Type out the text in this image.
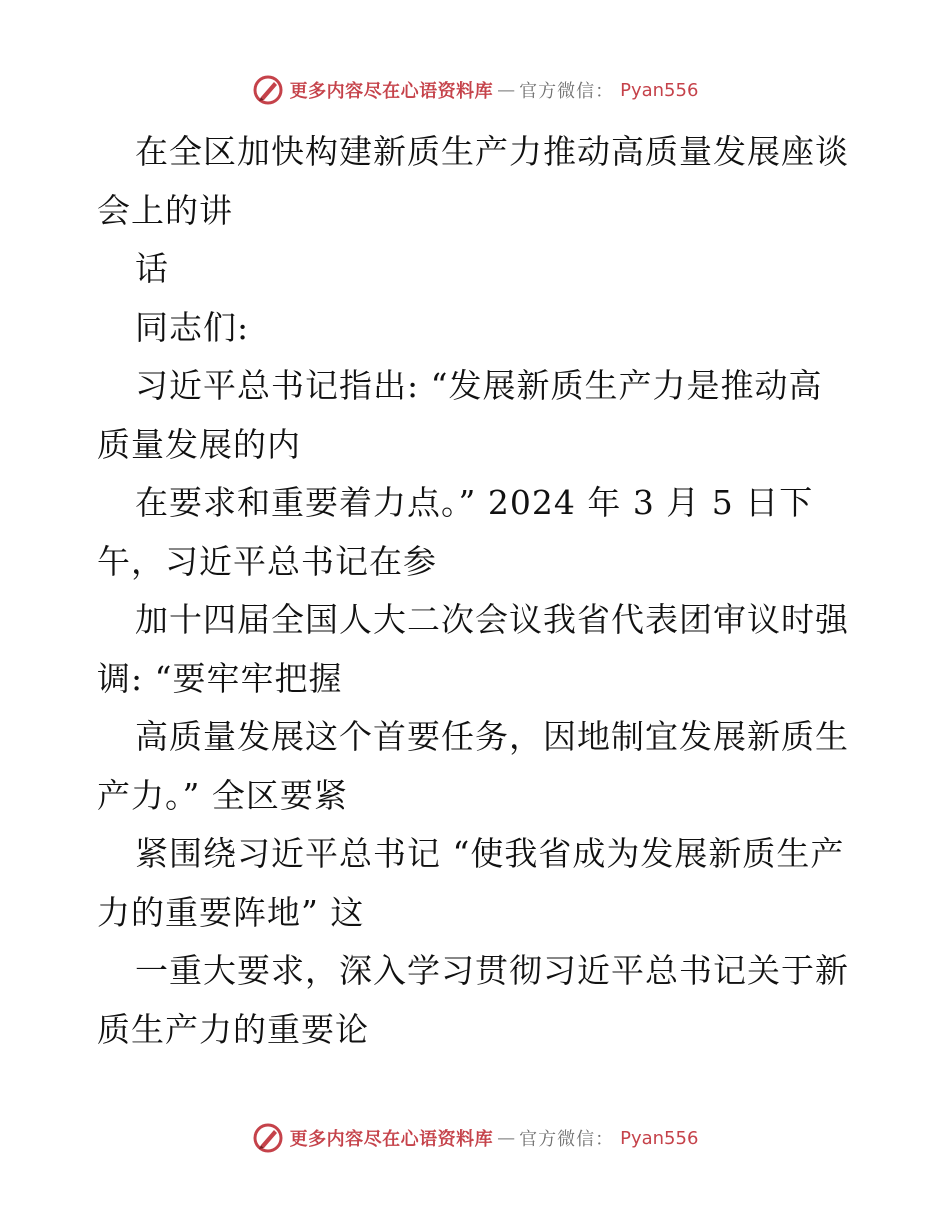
更多内容尽在心语资料库 — 官方微信： Pyan556
在全区加快构建新质生产力推动高质量发展座谈
会上的讲
话
同志们:
习近平总书记指出: “发展新质生产力是推动高
质量发展的内
在要求和重要着力点。” 2024 年 3 月 5 日下
午，习近平总书记在参
加十四届全国人大二次会议我省代表团审议时强
调: “要牢牢把握
高质量发展这个首要任务，因地制宜发展新质生
产力。” 全区要紧
紧围绕习近平总书记 “使我省成为发展新质生产
力的重要阵地” 这
一重大要求，深入学习贯彻习近平总书记关于新
质生产力的重要论
更多内容尽在心语资料库 — 官方微信： Pyan556
